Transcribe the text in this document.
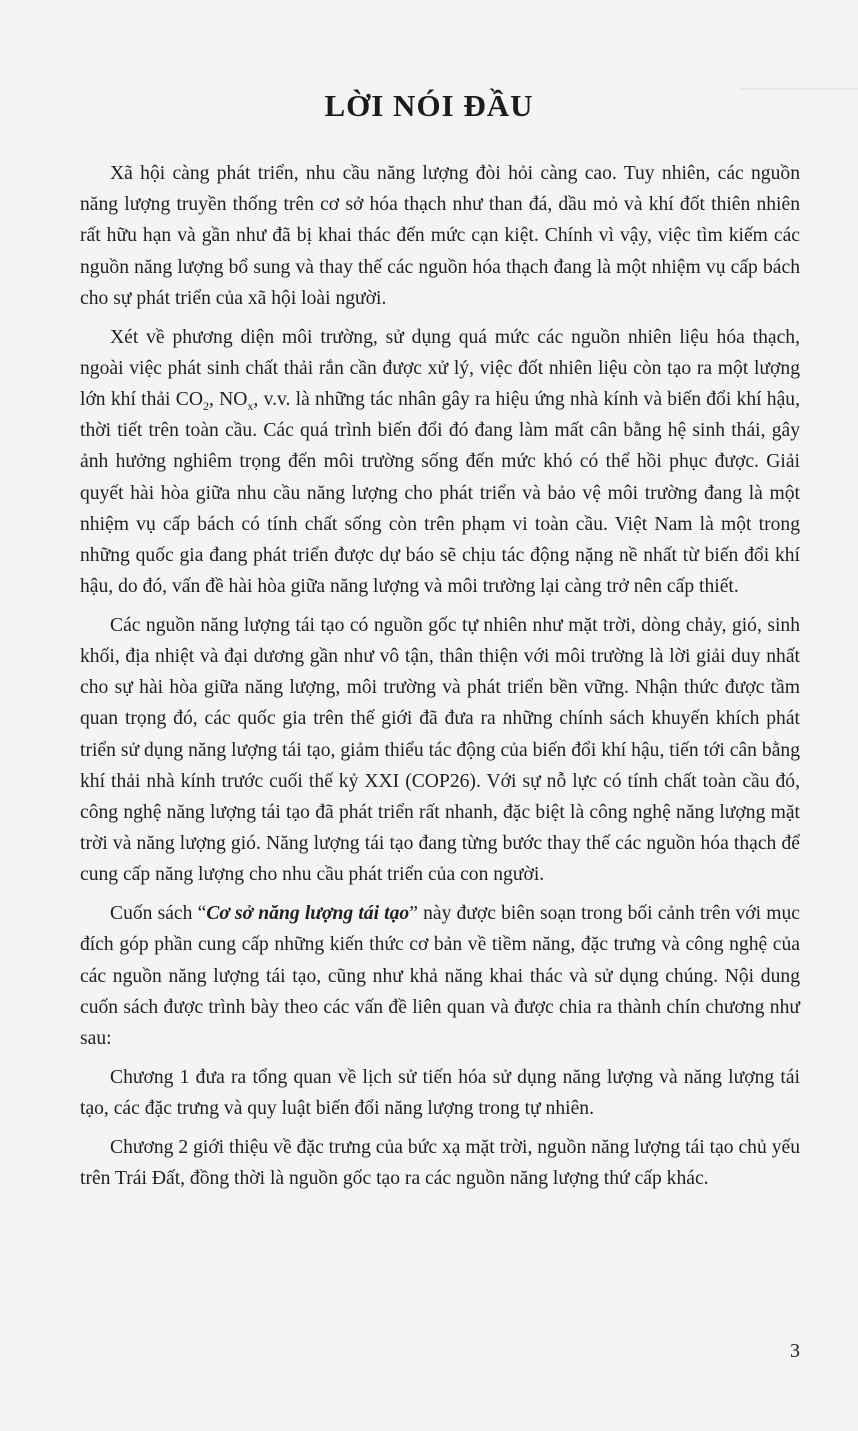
LỜI NÓI ĐẦU

Xã hội càng phát triển, nhu cầu năng lượng đòi hỏi càng cao. Tuy nhiên, các nguồn năng lượng truyền thống trên cơ sở hóa thạch như than đá, dầu mỏ và khí đốt thiên nhiên rất hữu hạn và gần như đã bị khai thác đến mức cạn kiệt. Chính vì vậy, việc tìm kiếm các nguồn năng lượng bổ sung và thay thế các nguồn hóa thạch đang là một nhiệm vụ cấp bách cho sự phát triển của xã hội loài người.

Xét về phương diện môi trường, sử dụng quá mức các nguồn nhiên liệu hóa thạch, ngoài việc phát sinh chất thải rắn cần được xử lý, việc đốt nhiên liệu còn tạo ra một lượng lớn khí thải $CO_2$, $NO_x$, v.v. là những tác nhân gây ra hiệu ứng nhà kính và biến đổi khí hậu, thời tiết trên toàn cầu. Các quá trình biến đổi đó đang làm mất cân bằng hệ sinh thái, gây ảnh hưởng nghiêm trọng đến môi trường sống đến mức khó có thể hồi phục được. Giải quyết hài hòa giữa nhu cầu năng lượng cho phát triển và bảo vệ môi trường đang là một nhiệm vụ cấp bách có tính chất sống còn trên phạm vi toàn cầu. Việt Nam là một trong những quốc gia đang phát triển được dự báo sẽ chịu tác động nặng nề nhất từ biến đổi khí hậu, do đó, vấn đề hài hòa giữa năng lượng và môi trường lại càng trở nên cấp thiết.

Các nguồn năng lượng tái tạo có nguồn gốc tự nhiên như mặt trời, dòng chảy, gió, sinh khối, địa nhiệt và đại dương gần như vô tận, thân thiện với môi trường là lời giải duy nhất cho sự hài hòa giữa năng lượng, môi trường và phát triển bền vững. Nhận thức được tầm quan trọng đó, các quốc gia trên thế giới đã đưa ra những chính sách khuyến khích phát triển sử dụng năng lượng tái tạo, giảm thiểu tác động của biến đổi khí hậu, tiến tới cân bằng khí thải nhà kính trước cuối thế kỷ XXI (COP26). Với sự nỗ lực có tính chất toàn cầu đó, công nghệ năng lượng tái tạo đã phát triển rất nhanh, đặc biệt là công nghệ năng lượng mặt trời và năng lượng gió. Năng lượng tái tạo đang từng bước thay thế các nguồn hóa thạch để cung cấp năng lượng cho nhu cầu phát triển của con người.

Cuốn sách “Cơ sở năng lượng tái tạo” này được biên soạn trong bối cảnh trên với mục đích góp phần cung cấp những kiến thức cơ bản về tiềm năng, đặc trưng và công nghệ của các nguồn năng lượng tái tạo, cũng như khả năng khai thác và sử dụng chúng. Nội dung cuốn sách được trình bày theo các vấn đề liên quan và được chia ra thành chín chương như sau:

Chương 1 đưa ra tổng quan về lịch sử tiến hóa sử dụng năng lượng và năng lượng tái tạo, các đặc trưng và quy luật biến đổi năng lượng trong tự nhiên.

Chương 2 giới thiệu về đặc trưng của bức xạ mặt trời, nguồn năng lượng tái tạo chủ yếu trên Trái Đất, đồng thời là nguồn gốc tạo ra các nguồn năng lượng thứ cấp khác.

3
